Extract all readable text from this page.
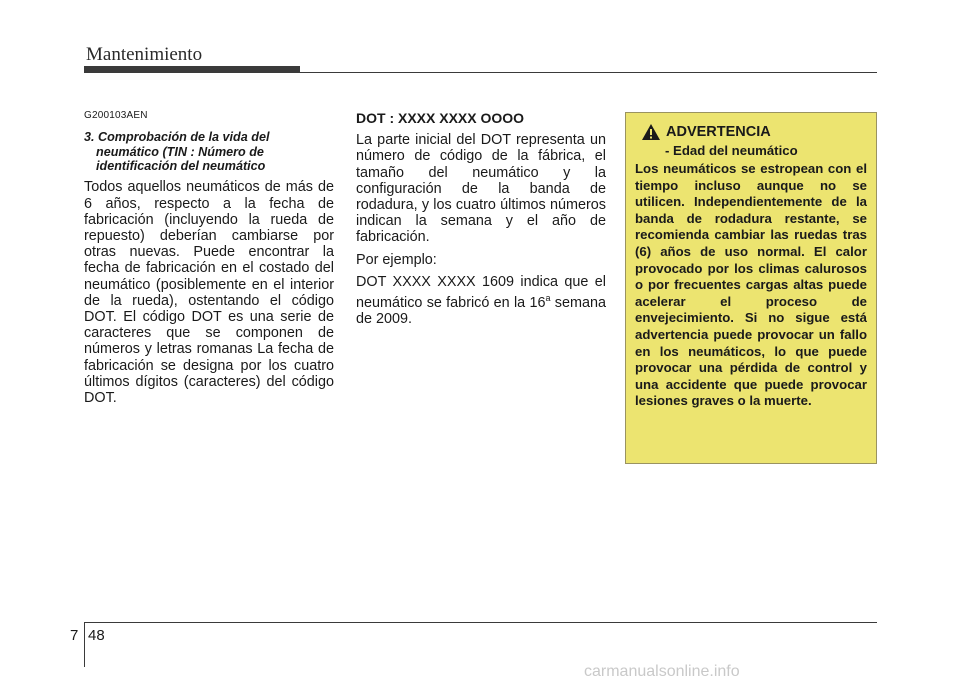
Mantenimiento
G200103AEN
3. Comprobación de la vida del neumático (TIN : Número de identificación del neumático

Todos aquellos neumáticos de más de 6 años, respecto a la fecha de fabricación (incluyendo la rueda de repuesto) deberían cambiarse por otras nuevas. Puede encontrar la fecha de fabricación en el costado del neumático (posiblemente en el interior de la rueda), ostentando el código DOT. El código DOT es una serie de caracteres que se componen de números y letras romanas La fecha de fabricación se designa por los cuatro últimos dígitos (caracteres) del código DOT.

DOT : XXXX XXXX OOOO

La parte inicial del DOT representa un número de código de la fábrica, el tamaño del neumático y la configuración de la banda de rodadura, y los cuatro últimos números indican la semana y el año de fabricación.

Por ejemplo:

DOT XXXX XXXX 1609 indica que el neumático se fabricó en la 16$^a$ semana de 2009.

ADVERTENCIA
- Edad del neumático

Los neumáticos se estropean con el tiempo incluso aunque no se utilicen. Independientemente de la banda de rodadura restante, se recomienda cambiar las ruedas tras (6) años de uso normal. El calor provocado por los climas calurosos o por frecuentes cargas altas puede acelerar el proceso de envejecimiento. Si no sigue está advertencia puede provocar un fallo en los neumáticos, lo que puede provocar una pérdida de control y una accidente que puede provocar lesiones graves o la muerte.

7 48
carmanualsonline.info
